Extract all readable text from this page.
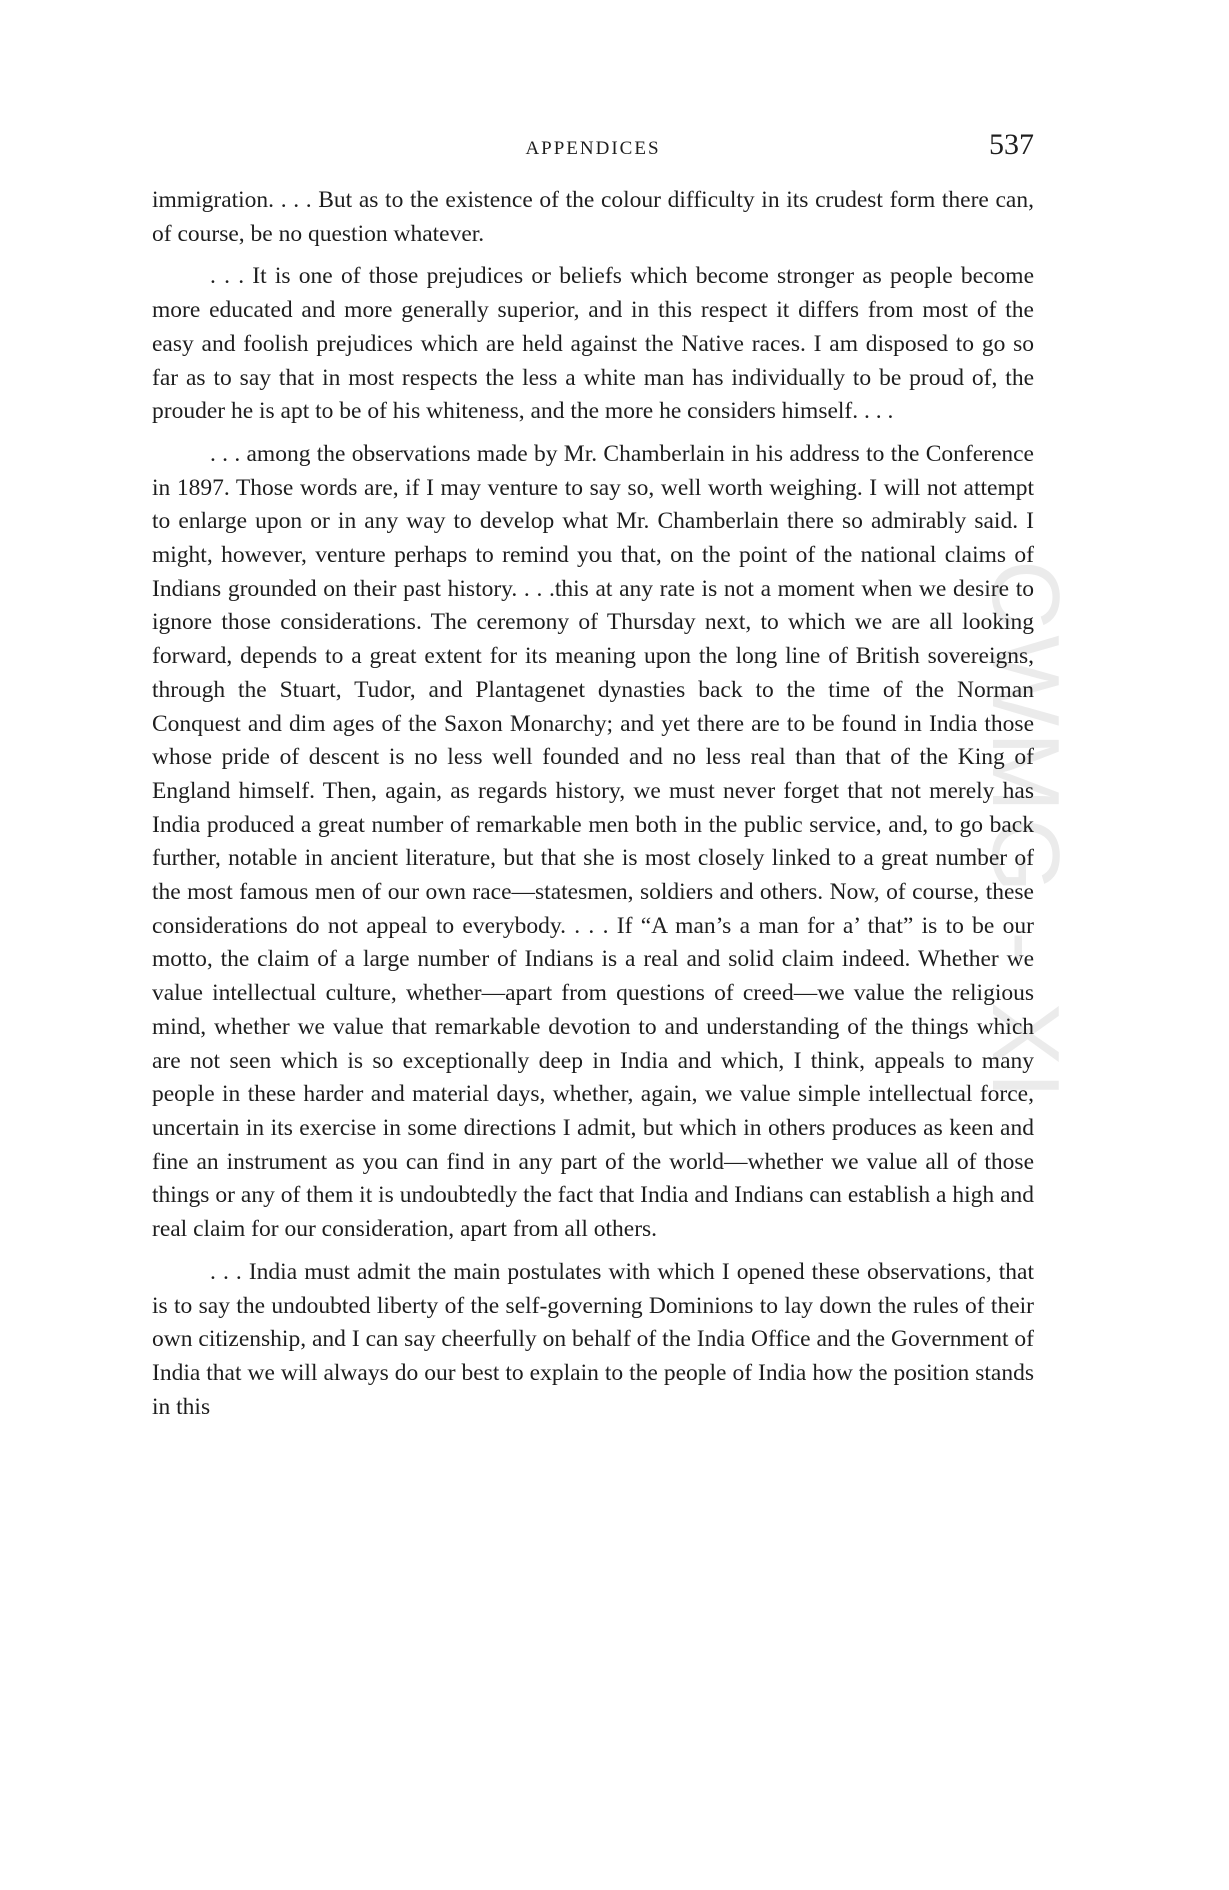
CWMG - XI
APPENDICES	537

immigration. . . . But as to the existence of the colour difficulty in its crudest form there can, of course, be no question whatever.

. . . It is one of those prejudices or beliefs which become stronger as people become more educated and more generally superior, and in this respect it differs from most of the easy and foolish prejudices which are held against the Native races. I am disposed to go so far as to say that in most respects the less a white man has individually to be proud of, the prouder he is apt to be of his whiteness, and the more he considers himself. . . .

. . . among the observations made by Mr. Chamberlain in his address to the Conference in 1897. Those words are, if I may venture to say so, well worth weighing. I will not attempt to enlarge upon or in any way to develop what Mr. Chamberlain there so admirably said. I might, however, venture perhaps to remind you that, on the point of the national claims of Indians grounded on their past history. . . .this at any rate is not a moment when we desire to ignore those considerations. The ceremony of Thursday next, to which we are all looking forward, depends to a great extent for its meaning upon the long line of British sovereigns, through the Stuart, Tudor, and Plantagenet dynasties back to the time of the Norman Conquest and dim ages of the Saxon Monarchy; and yet there are to be found in India those whose pride of descent is no less well founded and no less real than that of the King of England himself. Then, again, as regards history, we must never forget that not merely has India produced a great number of remarkable men both in the public service, and, to go back further, notable in ancient literature, but that she is most closely linked to a great number of the most famous men of our own race—statesmen, soldiers and others. Now, of course, these considerations do not appeal to everybody. . . . If “A man’s a man for a’ that” is to be our motto, the claim of a large number of Indians is a real and solid claim indeed. Whether we value intellectual culture, whether—apart from questions of creed—we value the religious mind, whether we value that remarkable devotion to and understanding of the things which are not seen which is so exceptionally deep in India and which, I think, appeals to many people in these harder and material days, whether, again, we value simple intellectual force, uncertain in its exercise in some directions I admit, but which in others produces as keen and fine an instrument as you can find in any part of the world—whether we value all of those things or any of them it is undoubtedly the fact that India and Indians can establish a high and real claim for our consideration, apart from all others.

. . . India must admit the main postulates with which I opened these observations, that is to say the undoubted liberty of the self-governing Dominions to lay down the rules of their own citizenship, and I can say cheerfully on behalf of the India Office and the Government of India that we will always do our best to explain to the people of India how the position stands in this
